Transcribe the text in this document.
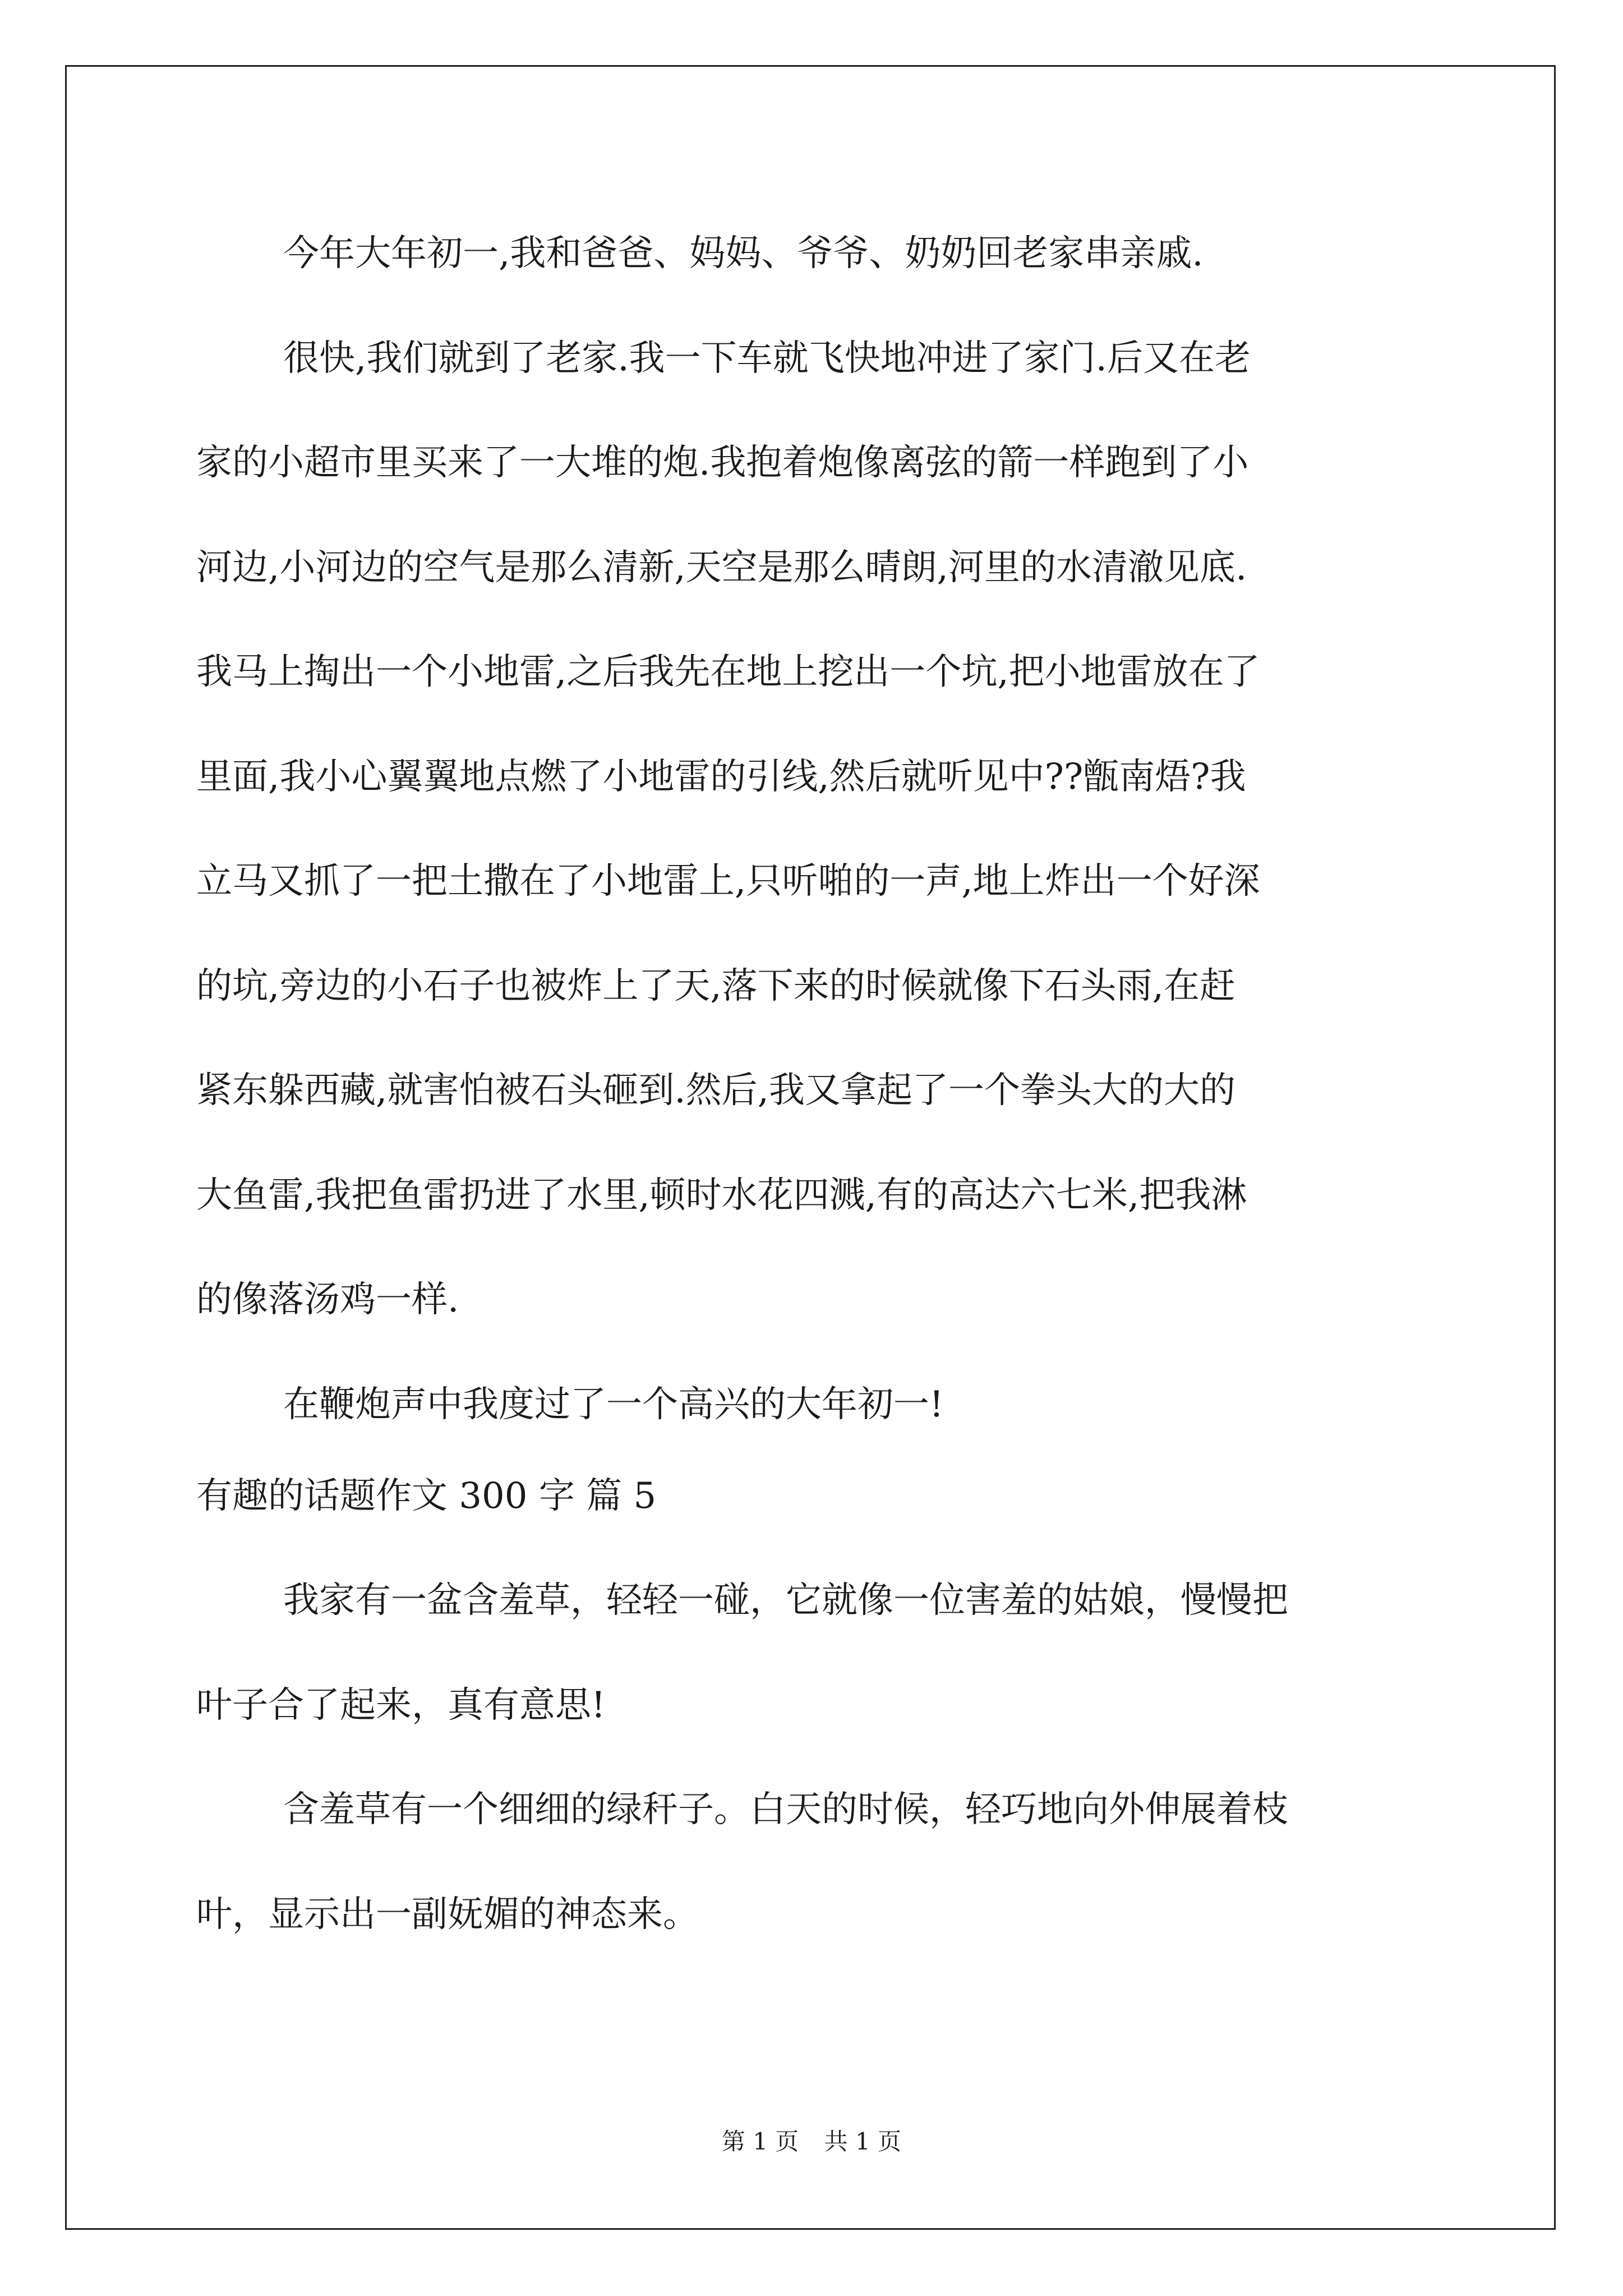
今年大年初一,我和爸爸、妈妈、爷爷、奶奶回老家串亲戚.
很快,我们就到了老家.我一下车就飞快地冲进了家门.后又在老
家的小超市里买来了一大堆的炮.我抱着炮像离弦的箭一样跑到了小
河边,小河边的空气是那么清新,天空是那么晴朗,河里的水清澈见底.
我马上掏出一个小地雷,之后我先在地上挖出一个坑,把小地雷放在了
里面,我小心翼翼地点燃了小地雷的引线,然后就听见中??甑南焐?我
立马又抓了一把土撒在了小地雷上,只听啪的一声,地上炸出一个好深
的坑,旁边的小石子也被炸上了天,落下来的时候就像下石头雨,在赶
紧东躲西藏,就害怕被石头砸到.然后,我又拿起了一个拳头大的大的
大鱼雷,我把鱼雷扔进了水里,顿时水花四溅,有的高达六七米,把我淋
的像落汤鸡一样.
在鞭炮声中我度过了一个高兴的大年初一!
有趣的话题作文 300 字 篇 5
我家有一盆含羞草，轻轻一碰，它就像一位害羞的姑娘，慢慢把
叶子合了起来，真有意思!
含羞草有一个细细的绿秆子。白天的时候，轻巧地向外伸展着枝
叶，显示出一副妩媚的神态来。
第 1 页 共 1 页
